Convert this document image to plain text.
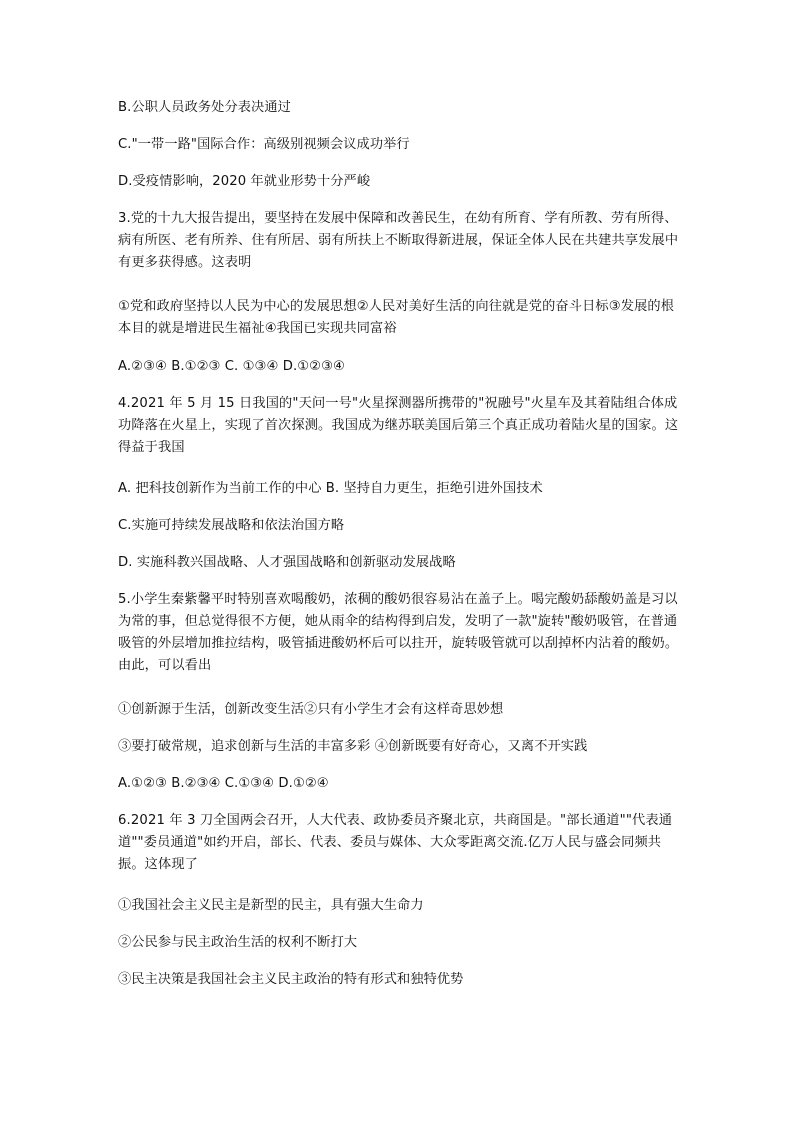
B.公职人员政务处分表决通过
C."一带一路"国际合作：高级别视频会议成功举行
D.受疫情影响，2020 年就业形势十分严峻
3.党的十九大报告提出，要坚持在发展中保障和改善民生，在幼有所育、学有所教、劳有所得、病有所医、老有所养、住有所居、弱有所扶上不断取得新进展，保证全体人民在共建共享发展中有更多获得感。这表明
①党和政府坚持以人民为中心的发展思想②人民对美好生活的向往就是党的奋斗日标③发展的根本目的就是增进民生福祉④我国已实现共同富裕
A.②③④ B.①②③ C. ①③④ D.①②③④
4.2021 年 5 月 15 日我国的"天问一号"火星探测器所携带的"祝融号"火星车及其着陆组合体成功降落在火星上，实现了首次探测。我国成为继苏联美国后第三个真正成功着陆火星的国家。这得益于我国
A. 把科技创新作为当前工作的中心 B. 坚持自力更生，拒绝引进外国技术
C.实施可持续发展战略和依法治国方略
D. 实施科教兴国战略、人才强国战略和创新驱动发展战略
5.小学生秦紫馨平时特别喜欢喝酸奶，浓稠的酸奶很容易沾在盖子上。喝完酸奶舔酸奶盖是习以为常的事，但总觉得很不方便，她从雨伞的结构得到启发，发明了一款"旋转"酸奶吸管，在普通吸管的外层增加推拉结构，吸管插进酸奶杯后可以拄开，旋转吸管就可以刮掉杯内沾着的酸奶。由此，可以看出
①创新源于生活，创新改变生活②只有小学生才会有这样奇思妙想
③要打破常规，追求创新与生活的丰富多彩 ④创新既要有好奇心，又离不开实践
A.①②③ B.②③④ C.①③④ D.①②④
6.2021 年 3 刀全国两会召开，人大代表、政协委员齐聚北京，共商国是。"部长通道""代表通道""委员通道"如约开启，部长、代表、委员与媒体、大众零距离交流.亿万人民与盛会同频共振。这体现了
①我国社会主义民主是新型的民主，具有强大生命力
②公民参与民主政治生活的权利不断打大
③民主决策是我国社会主义民主政治的特有形式和独特优势
